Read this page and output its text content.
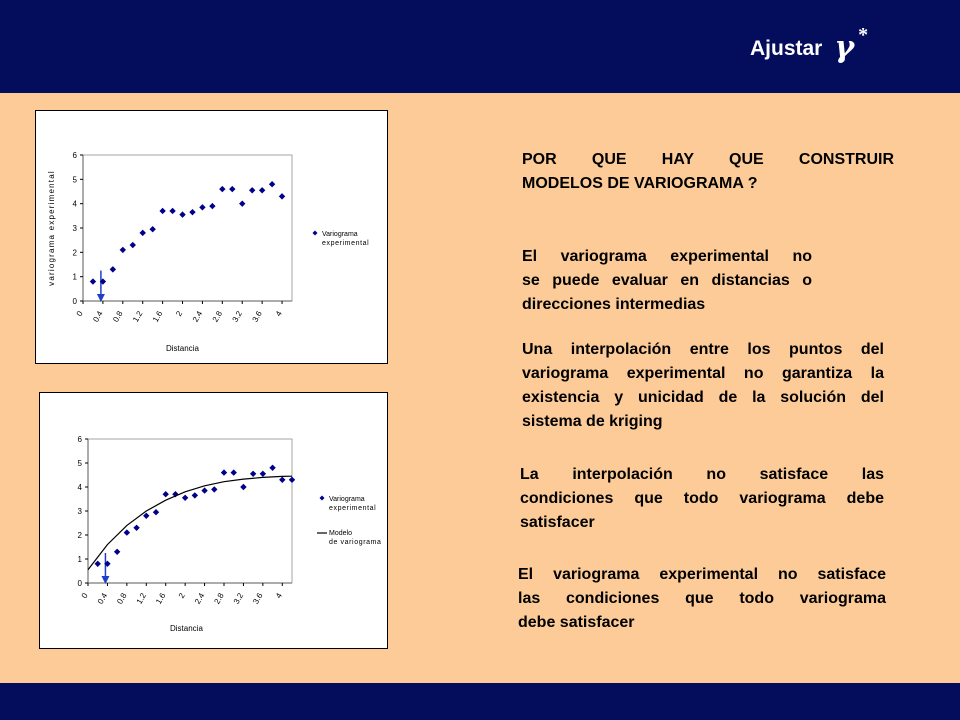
Ajustar γ *
0
1
2
3
4
5
6
0 0.4 0.8 1.2 1.6 2 2.4 2.8 3.2 3.6 4
Distancia
variograma experimental	Variograma
experimental
0
1
2
3
4
5
6
0 0.4 0.8 1.2 1.6 2 2.4 2.8 3.2 3.6 4
Distancia
Variograma
experimental
Modelo
de variograma
POR QUE HAY QUE CONSTRUIR
MODELOS DE VARIOGRAMA ?
El variograma experimental no
se puede evaluar en distancias o
direcciones intermedias
Una interpolación entre los puntos del
variograma experimental no garantiza la
existencia y unicidad de la solución del
sistema de kriging
La interpolación no satisface las
condiciones que todo variograma debe
satisfacer
El variograma experimental no satisface
las condiciones que todo variograma
debe satisfacer
